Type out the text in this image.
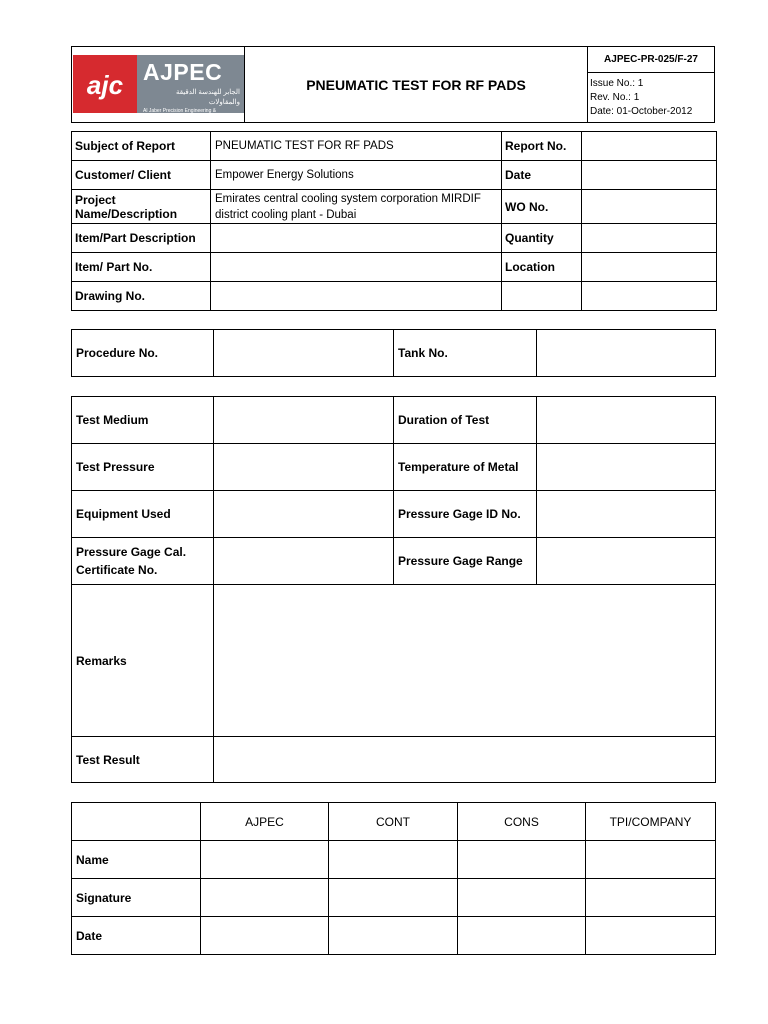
ajc AJPEC
الجابر للهندسة الدقيقة والمقاولات
Al Jaber Precision Engineering & Contracting
	PNEUMATIC TEST FOR RF PADS	AJPEC-PR-025/F-27

Issue No.: 1
Rev. No.: 1
Date: 01-October-2012
Subject of Report	PNEUMATIC TEST FOR RF PADS	Report No.	
Customer/ Client	Empower Energy Solutions	Date	
Project Name/Description	Emirates central cooling system corporation MIRDIF district cooling plant - Dubai	WO No.	
Item/Part Description		Quantity	
Item/ Part No.		Location	
Drawing No.			
Procedure No.		Tank No.	
Test Medium		Duration of Test	
Test Pressure		Temperature of Metal	
Equipment Used		Pressure Gage ID No.	
Pressure Gage Cal. Certificate No.		Pressure Gage Range	
Remarks			
Test Result			
	AJPEC	CONT	CONS	TPI/COMPANY
Name				
Signature				
Date				
